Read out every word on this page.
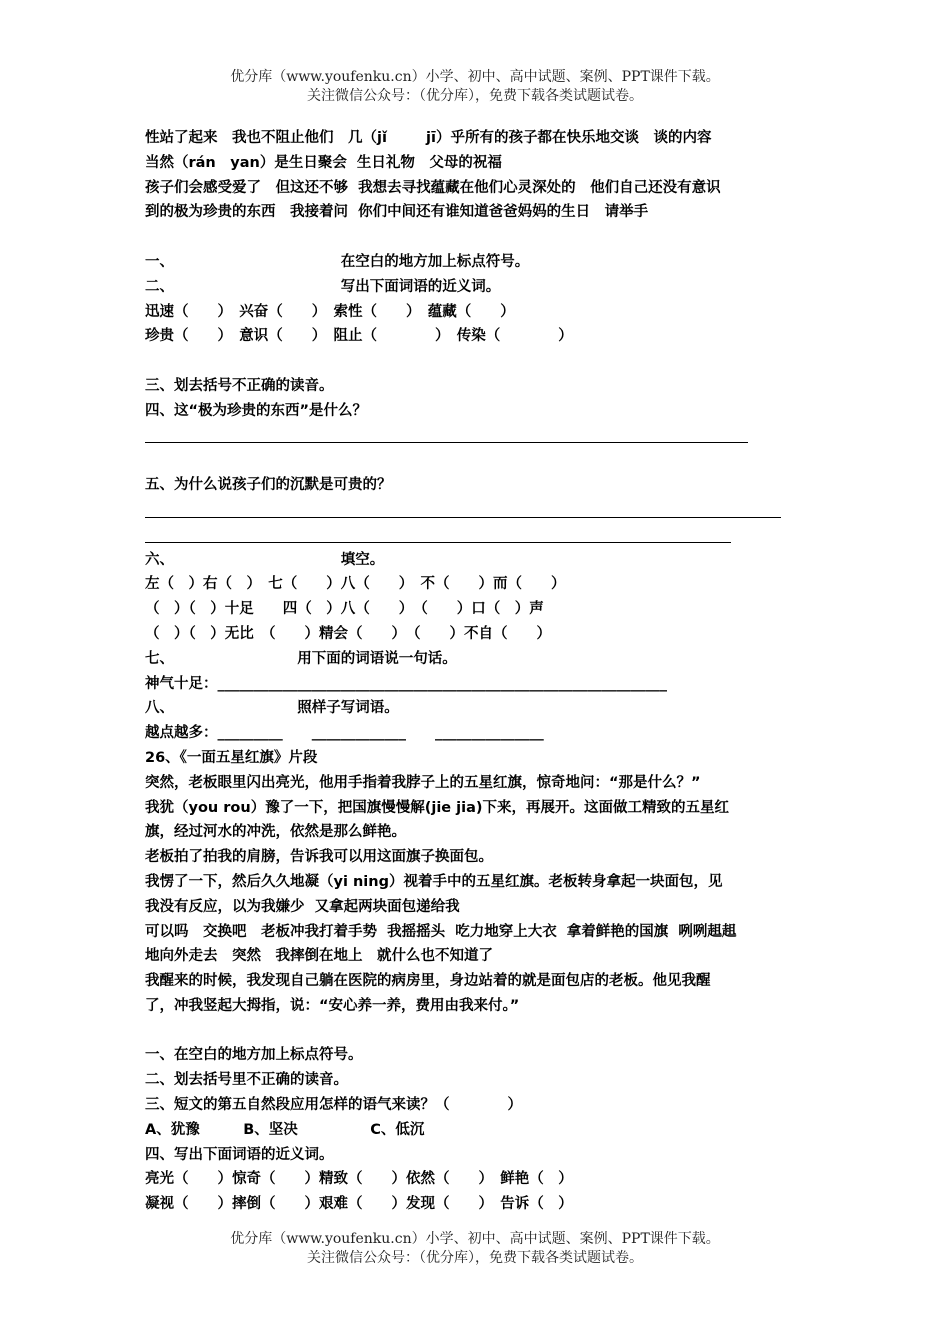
优分库（www.youfenku.cn）小学、初中、高中试题、案例、PPT课件下载。
关注微信公众号：（优分库），免费下载各类试题试卷。
性站了起来　我也不阻止他们　几（jǐ　　  jī）乎所有的孩子都在快乐地交谈　谈的内容
当然（rán　yan）是生日聚会  生日礼物　父母的祝福
孩子们会感受爱了　但这还不够  我想去寻找蕴藏在他们心灵深处的　他们自己还没有意识
到的极为珍贵的东西　我接着问  你们中间还有谁知道爸爸妈妈的生日　请举手
一、　　　　　　　　　　　　在空白的地方加上标点符号。
二、　　　　　　　　　　　　写出下面词语的近义词。
迅速（　　）　兴奋（　　）　索性（　　）　蕴藏（　　）
珍贵（　　）　意识（　　）　阻止（　　　　）　传染（　　　　）
三、划去括号不正确的读音。
四、这“极为珍贵的东西”是什么？
五、为什么说孩子们的沉默是可贵的？
六、　　　　　　　　　　　　填空。
左（　）右（　）　七（　　）八（　　）　不（　　）而（　　）
（　）（　）十足　　四（　）八（　　）　（　　）口（　）声
（　）（　）无比　（　　）精会（　　）　（　　）不自（　　）
七、　　　　　　　　　用下面的词语说一句话。
神气十足：______________________________________________________________
八、　　　　　　　　　照样子写词语。
越点越多：_________　　_____________　　_______________
26、《一面五星红旗》片段
突然，老板眼里闪出亮光，他用手指着我脖子上的五星红旗，惊奇地问：“那是什么？”
我犹（you rou）豫了一下，把国旗慢慢解(jie jia)下来，再展开。这面做工精致的五星红
旗，经过河水的冲洗，依然是那么鲜艳。
老板拍了拍我的肩膀，告诉我可以用这面旗子换面包。
我愣了一下，然后久久地凝（yi ning）视着手中的五星红旗。老板转身拿起一块面包，见
我没有反应，以为我嫌少  又拿起两块面包递给我
可以吗　交换吧　老板冲我打着手势  我摇摇头  吃力地穿上大衣  拿着鲜艳的国旗  咧咧趄趄
地向外走去　突然　我摔倒在地上　就什么也不知道了
我醒来的时候，我发现自己躺在医院的病房里，身边站着的就是面包店的老板。他见我醒
了，冲我竖起大拇指，说：“安心养一养，费用由我来付。”
一、在空白的地方加上标点符号。
二、划去括号里不正确的读音。
三、短文的第五自然段应用怎样的语气来读？（　　　　）
A、犹豫　　　B、坚决　　　　　C、低沉
四、写出下面词语的近义词。
亮光（　　）惊奇（　　）精致（　　）依然（　　）　鲜艳（　）
凝视（　　）摔倒（　　）艰难（　　）发现（　　）　告诉（　）
优分库（www.youfenku.cn）小学、初中、高中试题、案例、PPT课件下载。
关注微信公众号：（优分库），免费下载各类试题试卷。
